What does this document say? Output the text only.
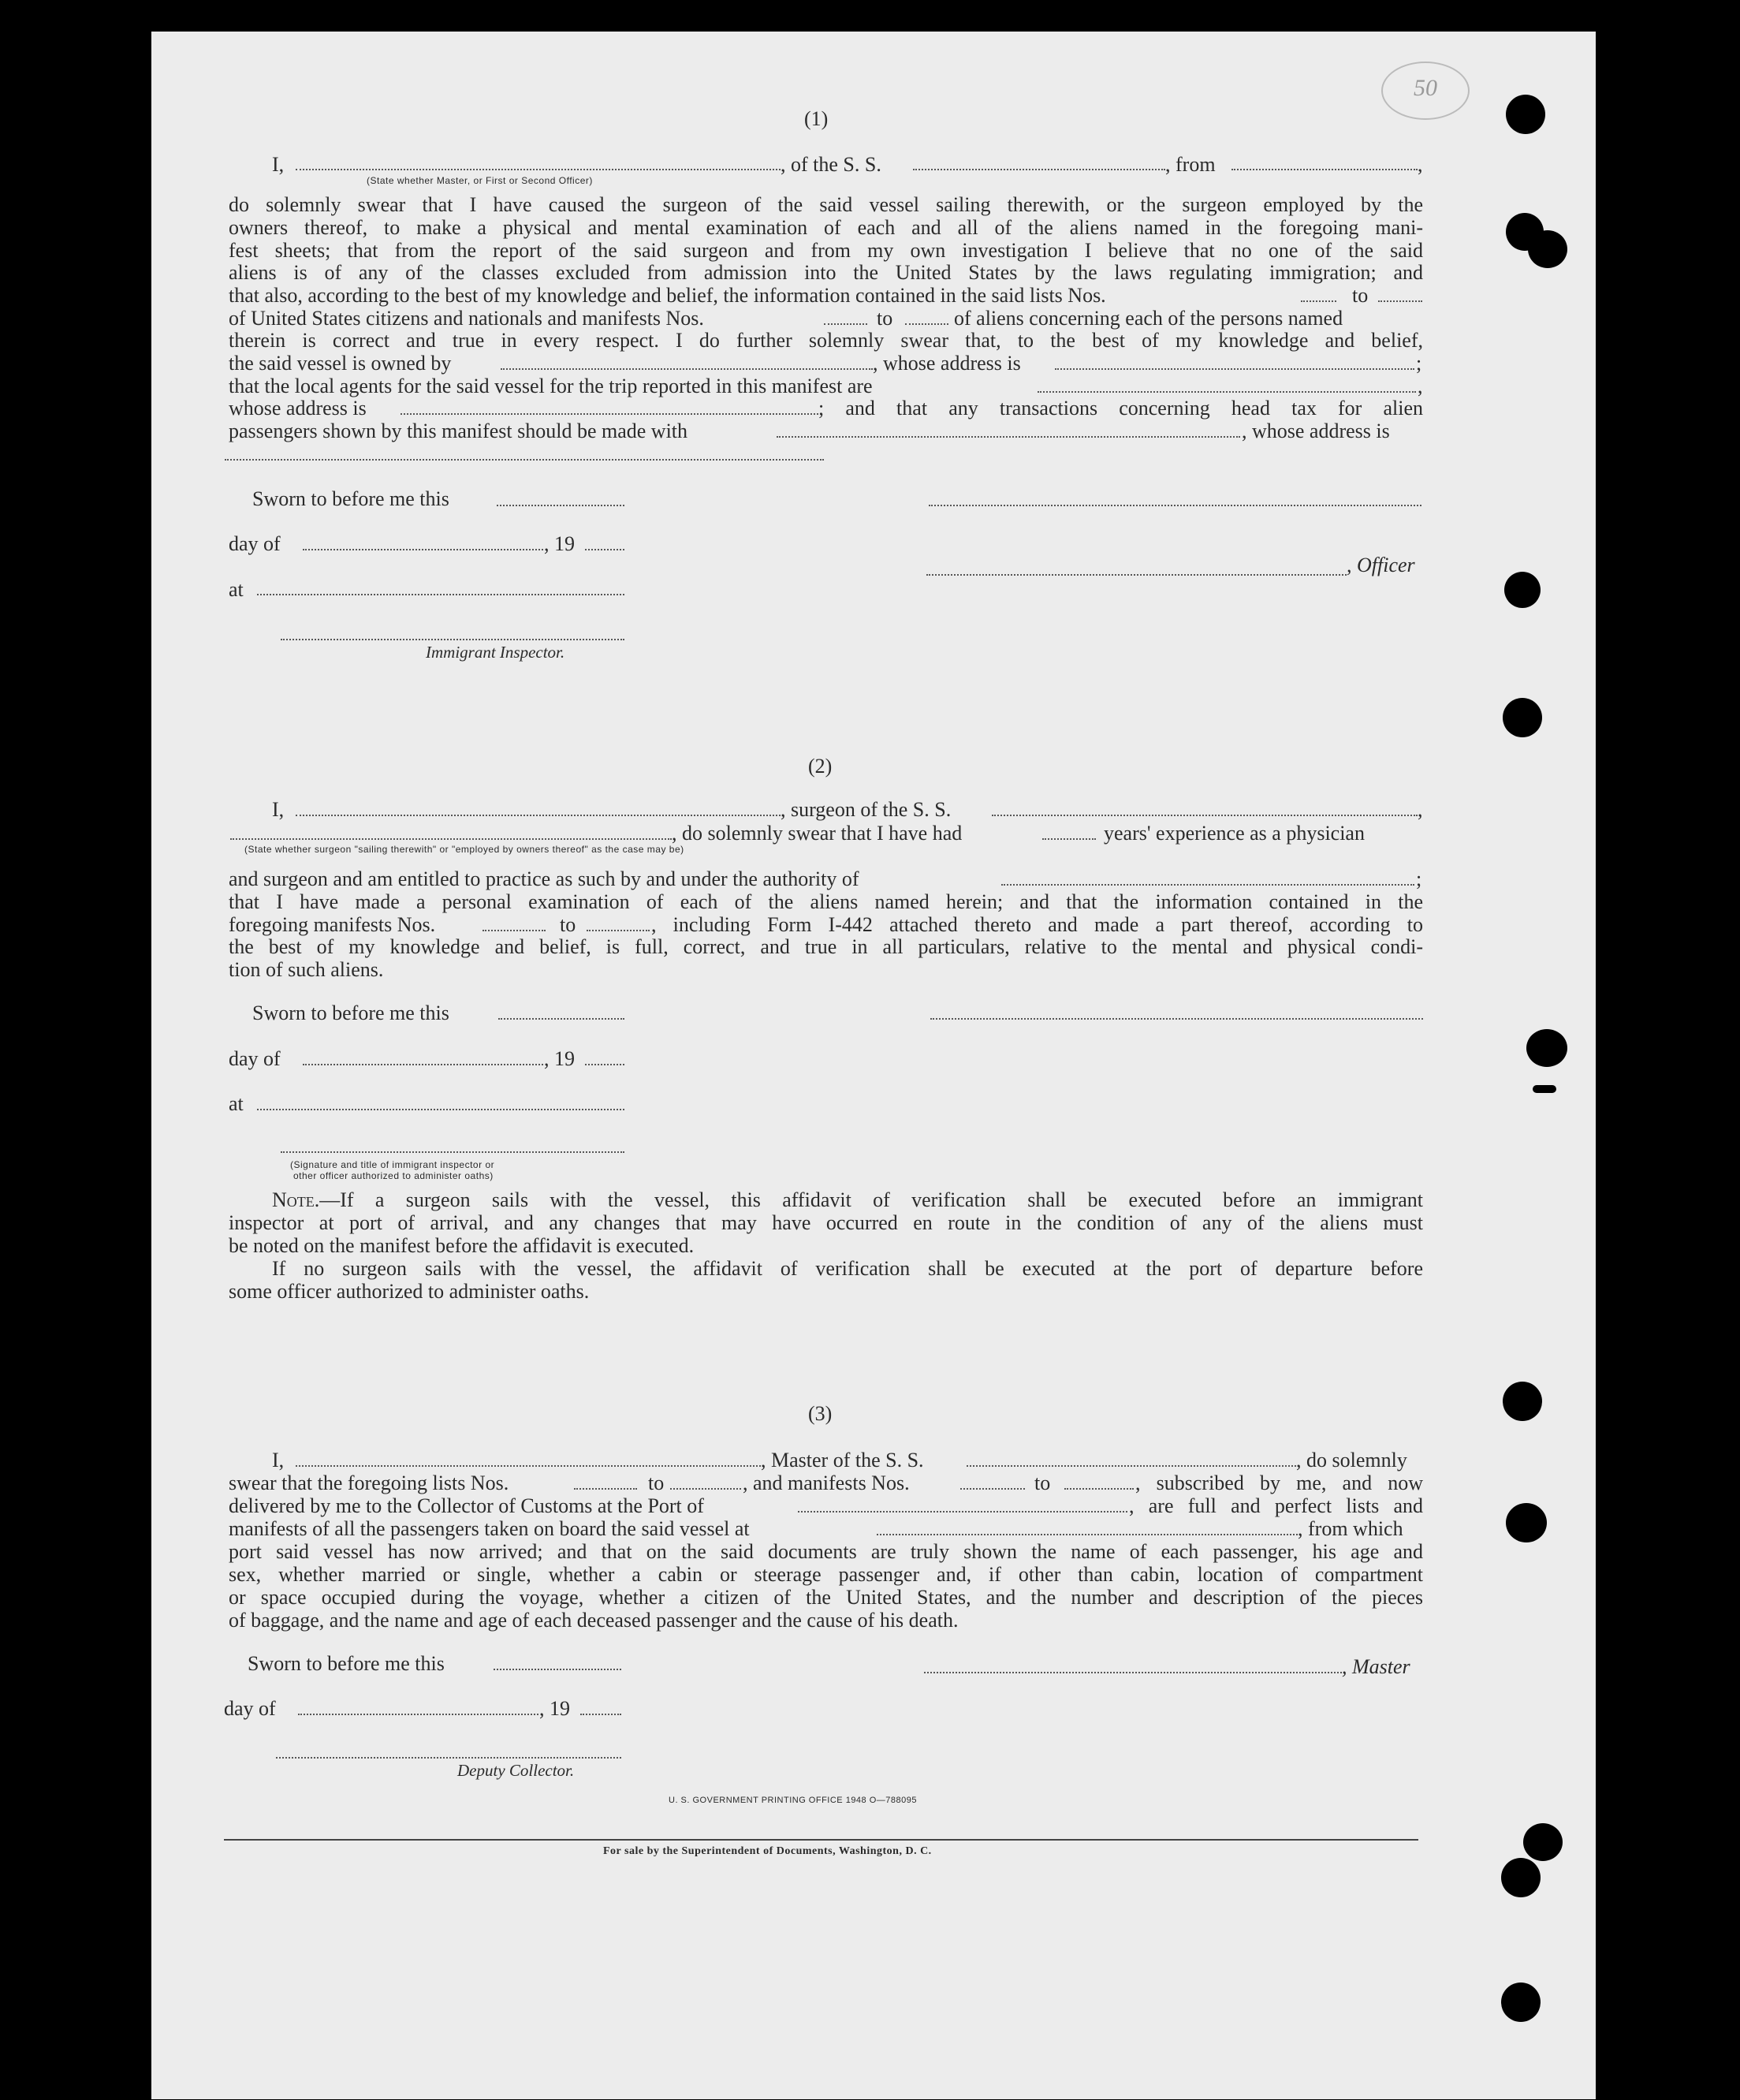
50
(1)
I,	, of the S. S.	, from	,
(State whether Master, or First or Second Officer)
do solemnly swear that I have caused the surgeon of the said vessel sailing therewith, or the surgeon employed by the
owners thereof, to make a physical and mental examination of each and all of the aliens named in the foregoing mani-
fest sheets; that from the report of the said surgeon and from my own investigation I believe that no one of the said
aliens is of any of the classes excluded from admission into the United States by the laws regulating immigration; and
that also, according to the best of my knowledge and belief, the information contained in the said lists Nos.	to
of United States citizens and nationals and manifests Nos.	to	of aliens concerning each of the persons named
therein is correct and true in every respect. I do further solemnly swear that, to the best of my knowledge and belief,
the said vessel is owned by	, whose address is	;
that the local agents for the said vessel for the trip reported in this manifest are	,
whose address is	; and that any transactions concerning head tax for alien
passengers shown by this manifest should be made with	, whose address is
Sworn to before me this
day of	, 19
, Officer
at
Immigrant Inspector.
(2)
I,	, surgeon of the S. S.	,
, do solemnly swear that I have had	years' experience as a physician
(State whether surgeon "sailing therewith" or "employed by owners thereof" as the case may be)
and surgeon and am entitled to practice as such by and under the authority of	;
that I have made a personal examination of each of the aliens named herein; and that the information contained in the
foregoing manifests Nos.	to	, including Form I-442 attached thereto and made a part thereof, according to
the best of my knowledge and belief, is full, correct, and true in all particulars, relative to the mental and physical condi-
tion of such aliens.
Sworn to before me this
day of	, 19
at
(Signature and title of immigrant inspector or
other officer authorized to administer oaths)
Note.—If a surgeon sails with the vessel, this affidavit of verification shall be executed before an immigrant
inspector at port of arrival, and any changes that may have occurred en route in the condition of any of the aliens must
be noted on the manifest before the affidavit is executed.
If no surgeon sails with the vessel, the affidavit of verification shall be executed at the port of departure before
some officer authorized to administer oaths.
(3)
I,	, Master of the S. S.	, do solemnly
swear that the foregoing lists Nos.	to	, and manifests Nos.	to	, subscribed by me, and now
delivered by me to the Collector of Customs at the Port of	, are full and perfect lists and
manifests of all the passengers taken on board the said vessel at	, from which
port said vessel has now arrived; and that on the said documents are truly shown the name of each passenger, his age and
sex, whether married or single, whether a cabin or steerage passenger and, if other than cabin, location of compartment
or space occupied during the voyage, whether a citizen of the United States, and the number and description of the pieces
of baggage, and the name and age of each deceased passenger and the cause of his death.
Sworn to before me this	, Master
day of	, 19
Deputy Collector.
U. S. GOVERNMENT PRINTING OFFICE 1948 O—788095
For sale by the Superintendent of Documents, Washington, D. C.
